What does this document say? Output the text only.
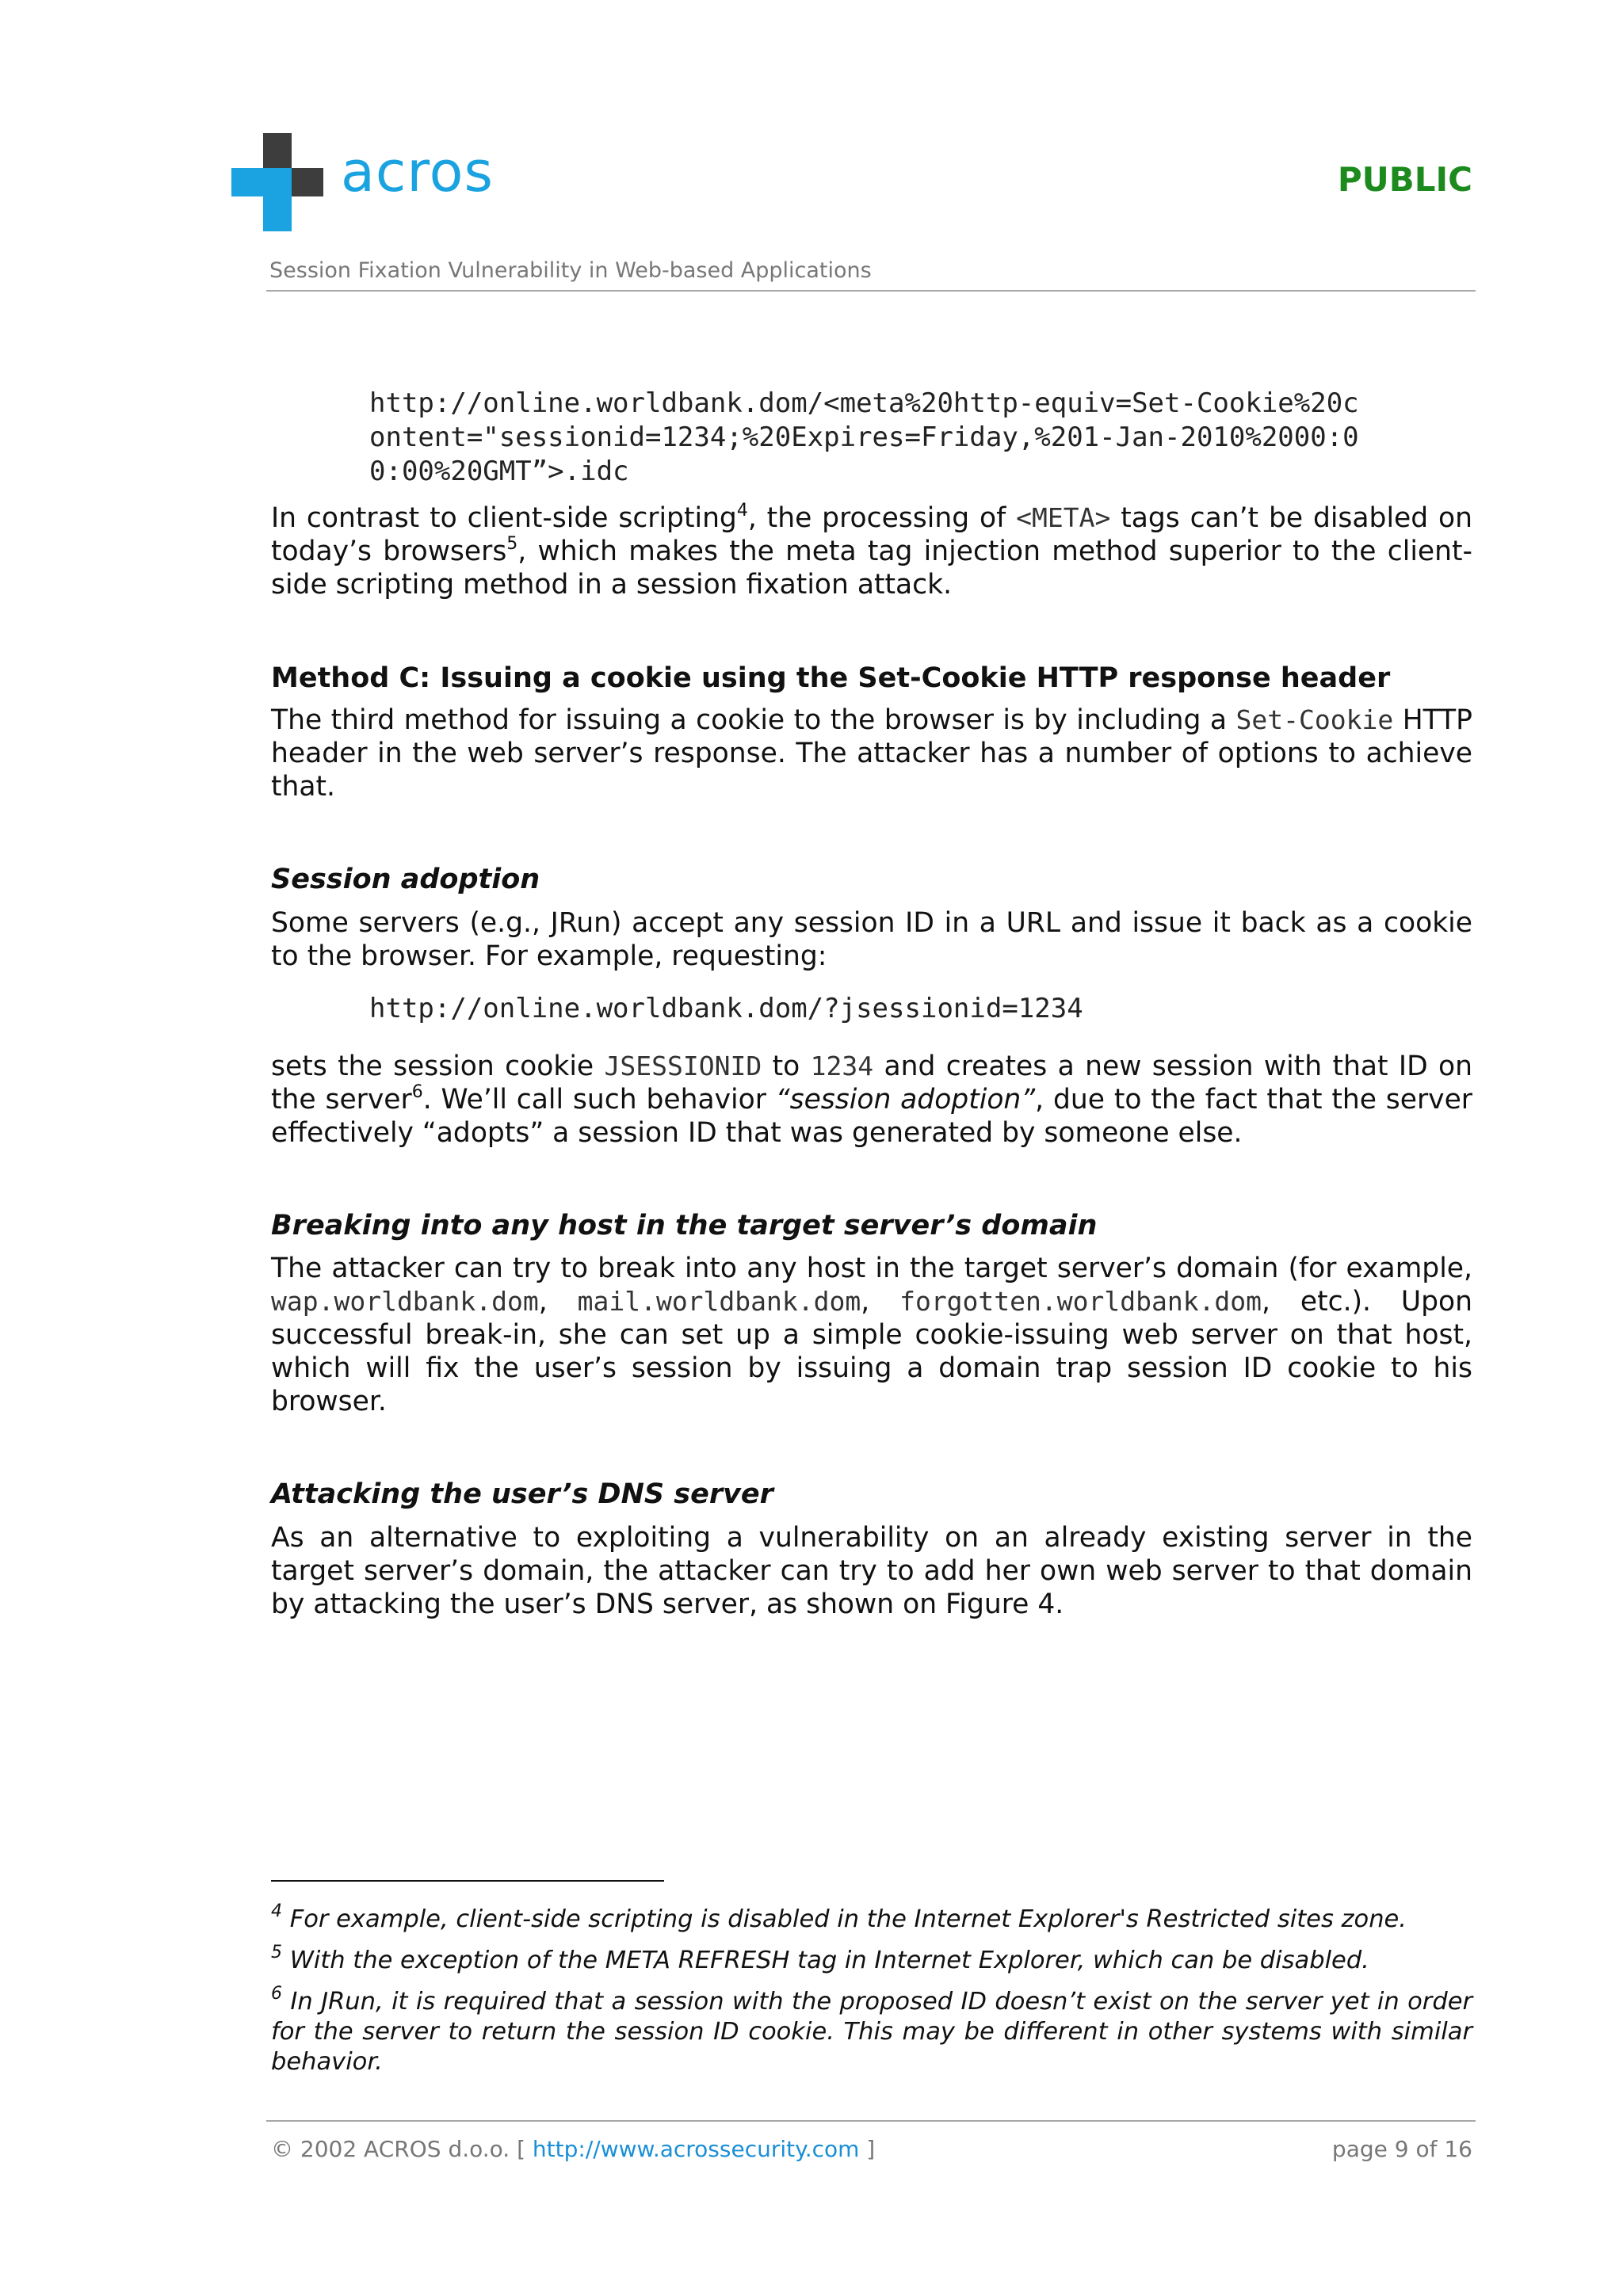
acros	PUBLIC
Session Fixation Vulnerability in Web-based Applications
http://online.worldbank.dom/<meta%20http-equiv=Set-Cookie%20c
ontent="sessionid=1234;%20Expires=Friday,%201-Jan-2010%2000:0
0:00%20GMT”>.idc

In contrast to client-side scripting$^4$, the processing of <META> tags can’t be disabled on today’s browsers$^5$, which makes the meta tag injection method superior to the client-side scripting method in a session fixation attack.

Method C: Issuing a cookie using the Set-Cookie HTTP response header

The third method for issuing a cookie to the browser is by including a Set-Cookie HTTP header in the web server’s response. The attacker has a number of options to achieve that.

Session adoption

Some servers (e.g., JRun) accept any session ID in a URL and issue it back as a cookie to the browser. For example, requesting:

http://online.worldbank.dom/?jsessionid=1234

sets the session cookie JSESSIONID to 1234 and creates a new session with that ID on the server$^6$. We’ll call such behavior “session adoption”, due to the fact that the server effectively “adopts” a session ID that was generated by someone else.

Breaking into any host in the target server’s domain

The attacker can try to break into any host in the target server’s domain (for example, wap.worldbank.dom, mail.worldbank.dom, forgotten.worldbank.dom, etc.). Upon successful break-in, she can set up a simple cookie-issuing web server on that host, which will fix the user’s session by issuing a domain trap session ID cookie to his browser.

Attacking the user’s DNS server

As an alternative to exploiting a vulnerability on an already existing server in the target server’s domain, the attacker can try to add her own web server to that domain by attacking the user’s DNS server, as shown on Figure 4.

$^4$ For example, client-side scripting is disabled in the Internet Explorer's Restricted sites zone.

$^5$ With the exception of the META REFRESH tag in Internet Explorer, which can be disabled.

$^6$ In JRun, it is required that a session with the proposed ID doesn’t exist on the server yet in order for the server to return the session ID cookie. This may be different in other systems with similar behavior.

© 2002 ACROS d.o.o. [ http://www.acrossecurity.com ]	page 9 of 16
